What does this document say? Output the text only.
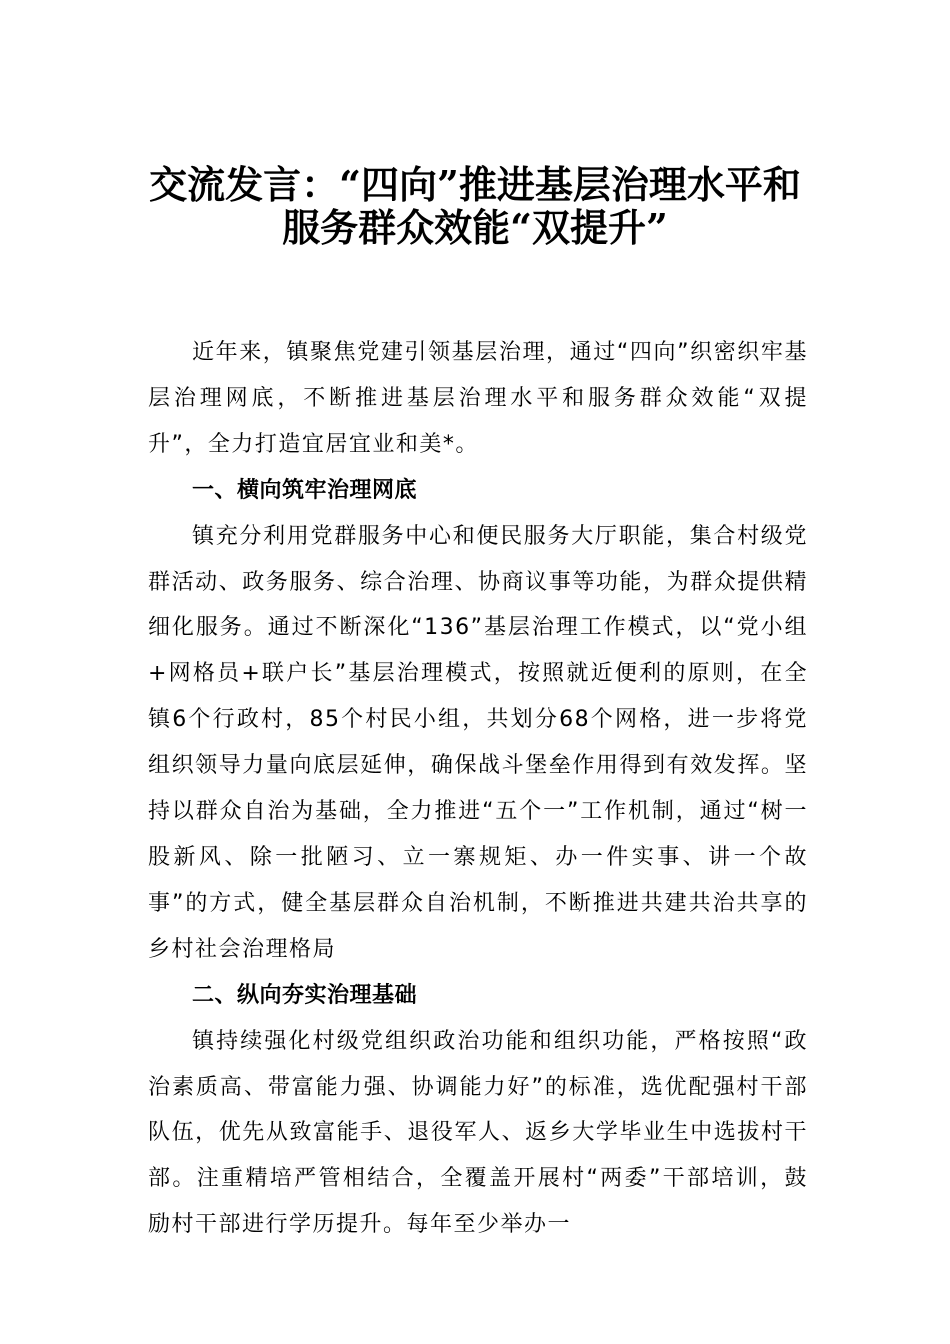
交流发言：“四向”推进基层治理水平和
服务群众效能“双提升”

近年来，镇聚焦党建引领基层治理，通过“四向”织密织牢基层治理网底，不断推进基层治理水平和服务群众效能“双提升”，全力打造宜居宜业和美*。

一、横向筑牢治理网底

镇充分利用党群服务中心和便民服务大厅职能，集合村级党群活动、政务服务、综合治理、协商议事等功能，为群众提供精细化服务。通过不断深化“136”基层治理工作模式，以“党小组+网格员+联户长”基层治理模式，按照就近便利的原则，在全镇6个行政村，85个村民小组，共划分68个网格，进一步将党组织领导力量向底层延伸，确保战斗堡垒作用得到有效发挥。坚持以群众自治为基础，全力推进“五个一”工作机制，通过“树一股新风、除一批陋习、立一寨规矩、办一件实事、讲一个故事”的方式，健全基层群众自治机制，不断推进共建共治共享的乡村社会治理格局

二、纵向夯实治理基础

镇持续强化村级党组织政治功能和组织功能，严格按照“政治素质高、带富能力强、协调能力好”的标准，选优配强村干部队伍，优先从致富能手、退役军人、返乡大学毕业生中选拔村干部。注重精培严管相结合，全覆盖开展村“两委”干部培训，鼓励村干部进行学历提升。每年至少举办一
